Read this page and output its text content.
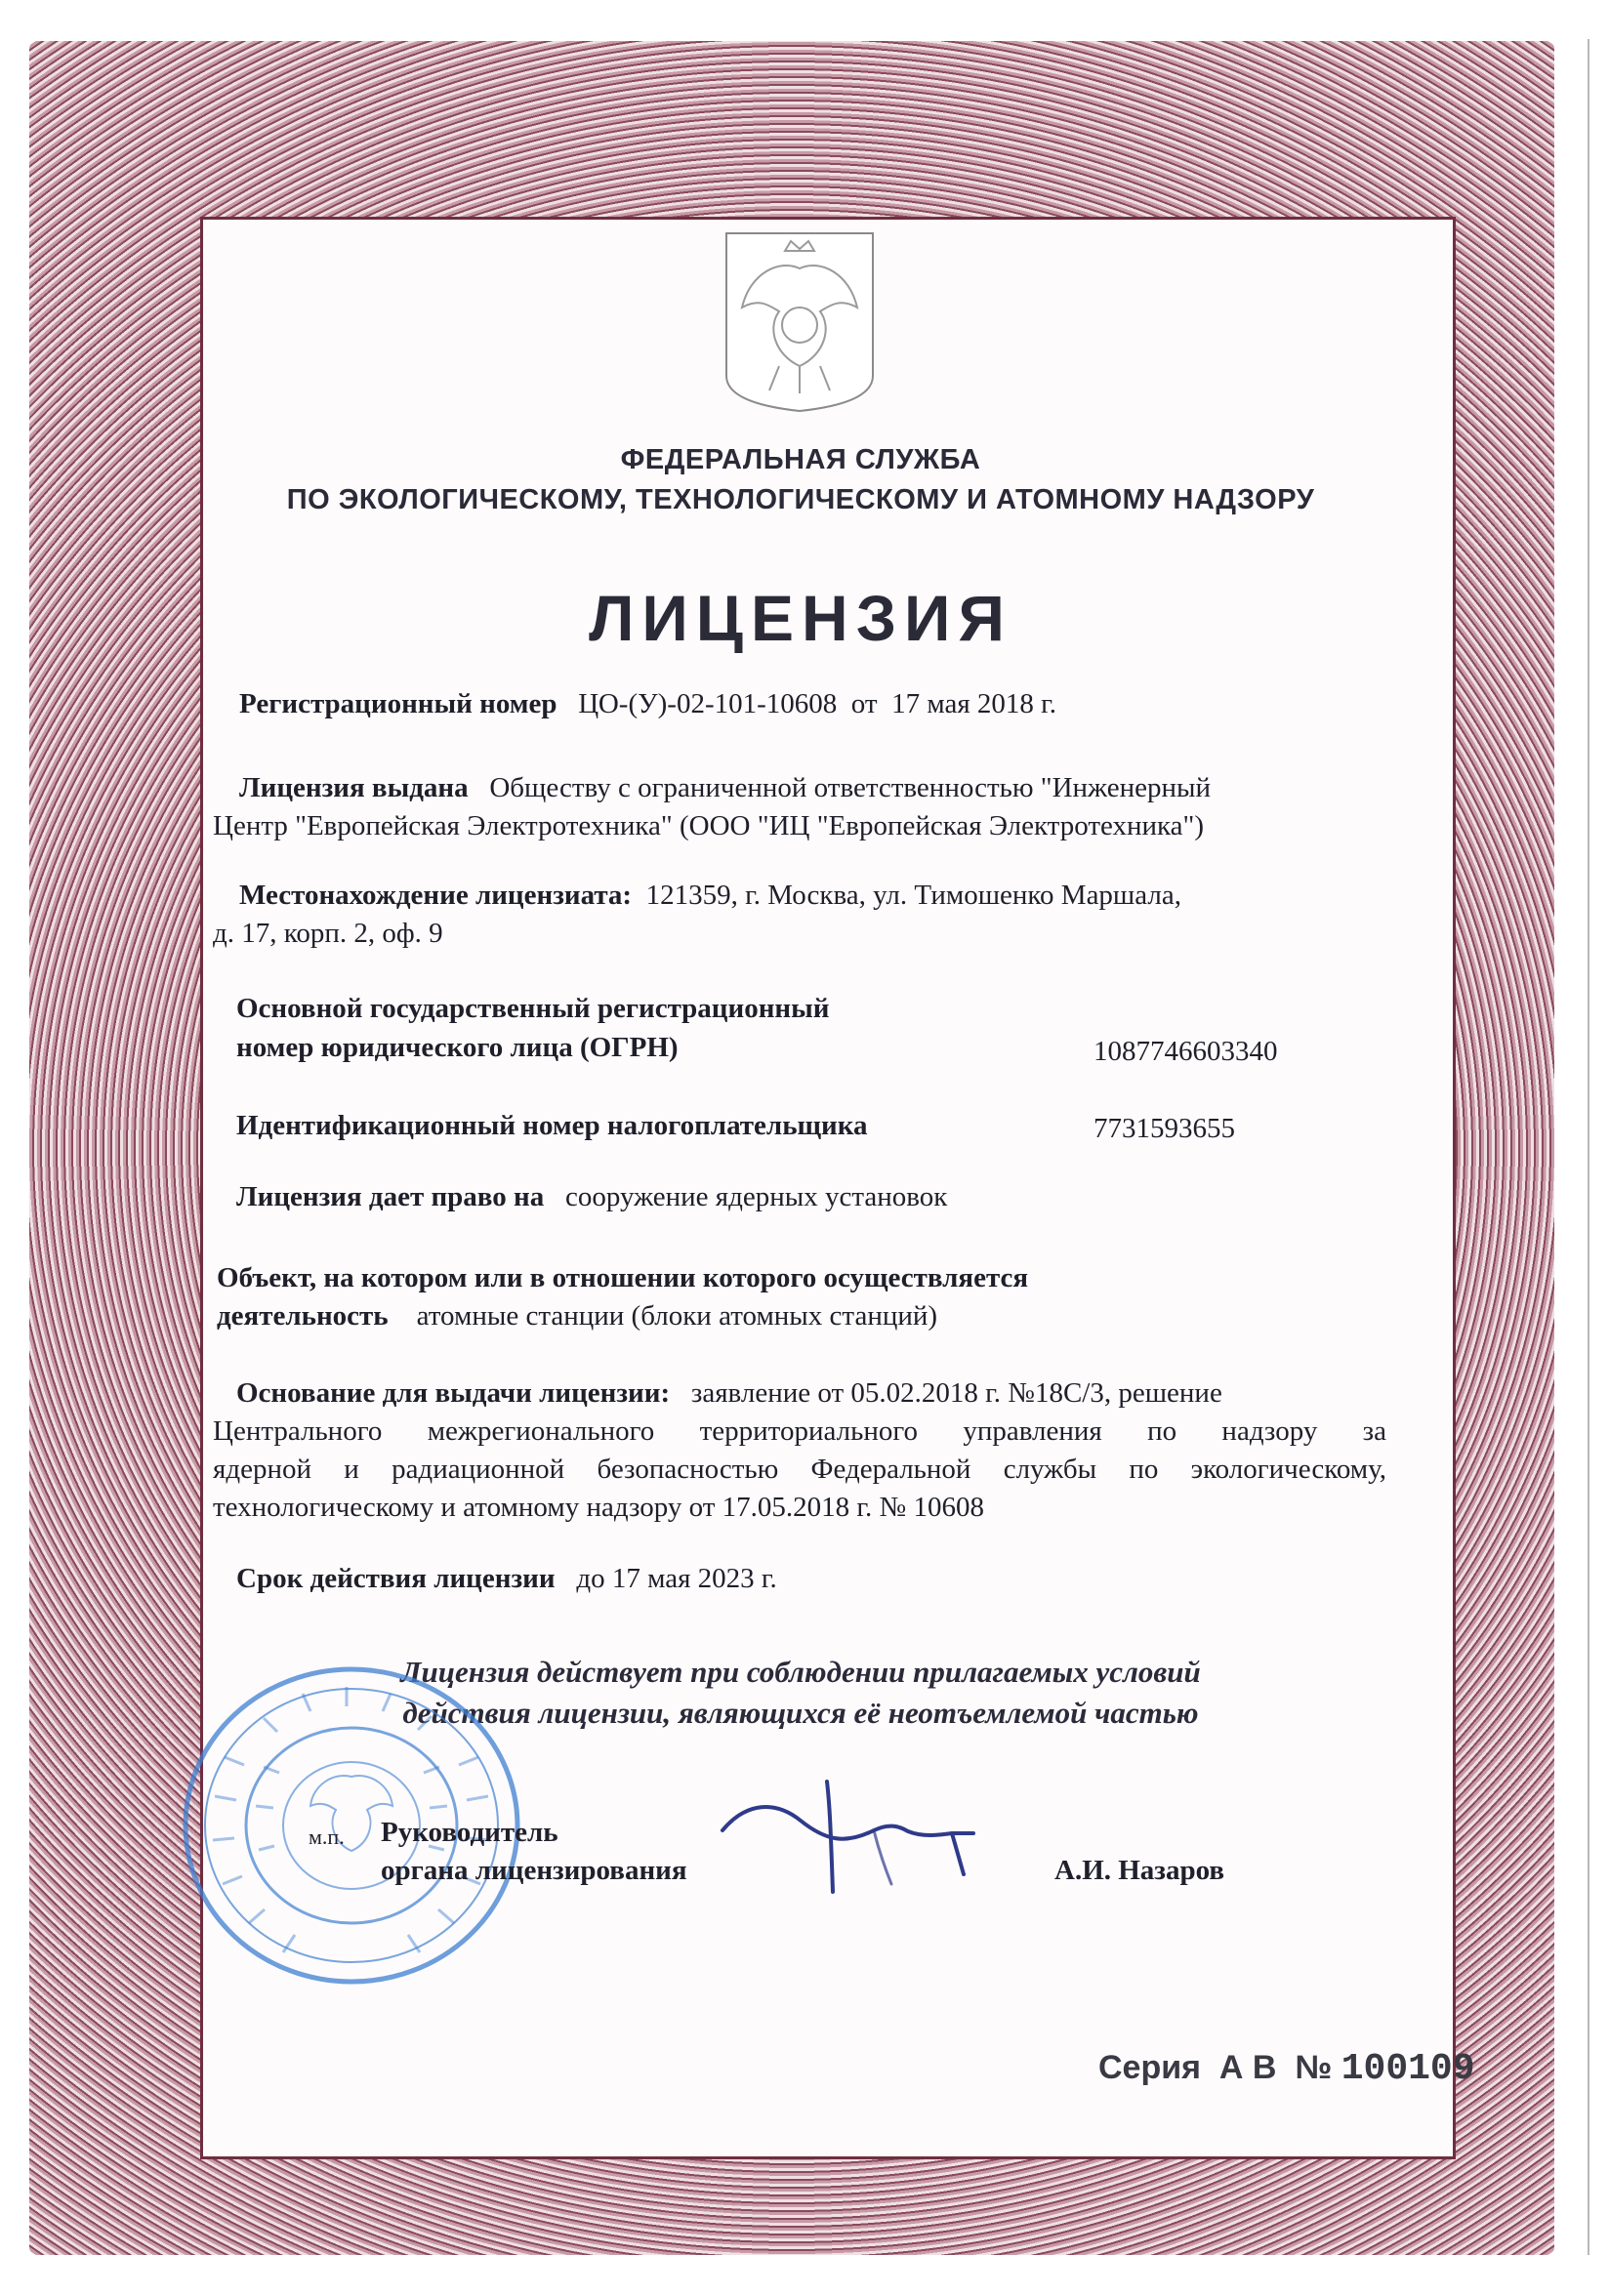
ФЕДЕРАЛЬНАЯ СЛУЖБА
ПО ЭКОЛОГИЧЕСКОМУ, ТЕХНОЛОГИЧЕСКОМУ И АТОМНОМУ НАДЗОРУ
ЛИЦЕНЗИЯ
Регистрационный номер ЦО-(У)-02-101-10608 от 17 мая 2018 г.
Лицензия выдана Обществу с ограниченной ответственностью "Инженерный
Центр "Европейская Электротехника" (ООО "ИЦ "Европейская Электротехника")
Местонахождение лицензиата: 121359, г. Москва, ул. Тимошенко Маршала,
д. 17, корп. 2, оф. 9
Основной государственный регистрационный
номер юридического лица (ОГРН)	1087746603340
Идентификационный номер налогоплательщика	7731593655
Лицензия дает право на сооружение ядерных установок
Объект, на котором или в отношении которого осуществляется
деятельность атомные станции (блоки атомных станций)
Основание для выдачи лицензии: заявление от 05.02.2018 г. №18С/3, решение
Центрального межрегионального территориального управления по надзору за
ядерной и радиационной безопасностью Федеральной службы по экологическому,
технологическому и атомному надзору от 17.05.2018 г. № 10608
Срок действия лицензии до 17 мая 2023 г.
Лицензия действует при соблюдении прилагаемых условий
действия лицензии, являющихся её неотъемлемой частью
м.п. Руководитель
органа лицензирования	А.И. Назаров
Серия А В № 100109
